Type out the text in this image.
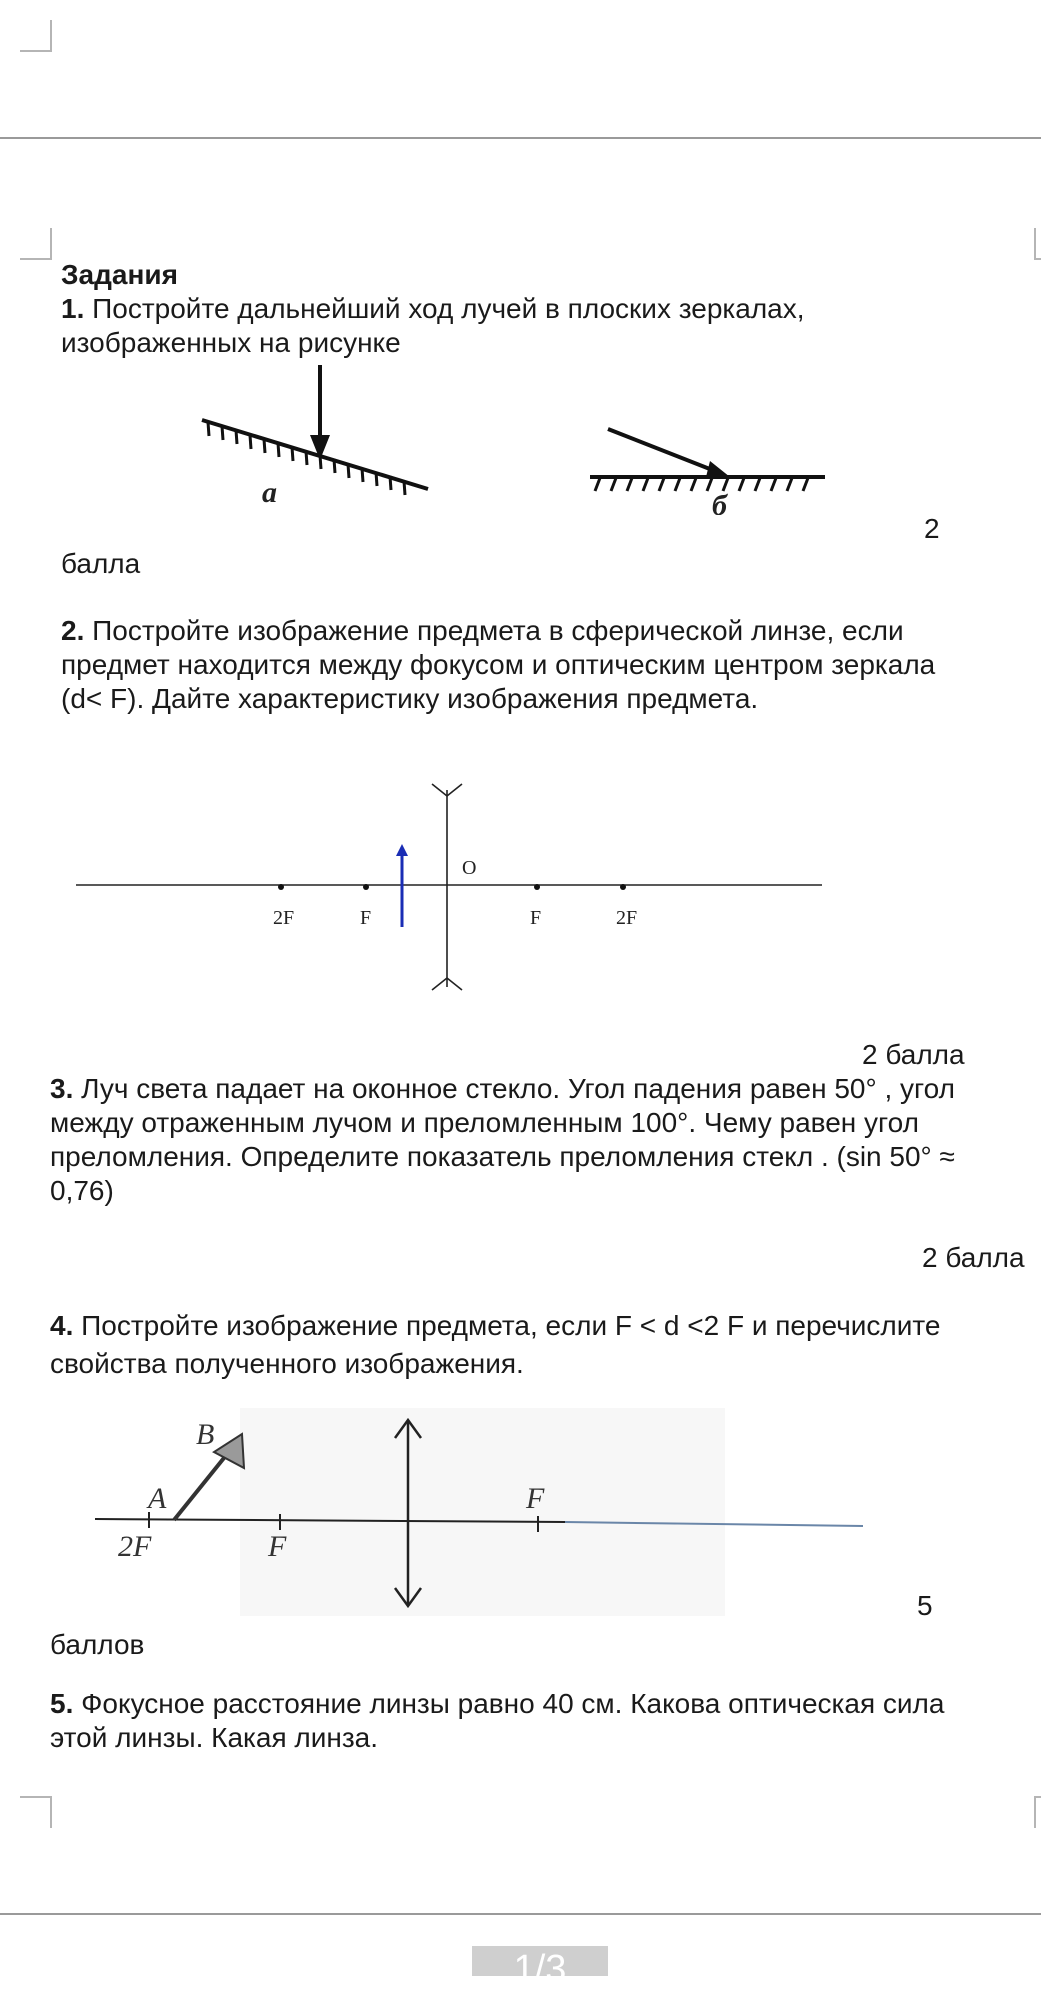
Задания
1. Постройте дальнейший ход лучей в плоских зеркалах,
изображенных на рисунке
а	б
2
балла
2. Постройте изображение предмета в сферической линзе, если
предмет находится между фокусом и оптическим центром зеркала
(d< F). Дайте характеристику изображения предмета.
2F	F
O
F	2F
2 балла
3. Луч света падает на оконное стекло. Угол падения равен 50° , угол
между отраженным лучом и преломленным 100°. Чему равен угол
преломления. Определите показатель преломления стекл . (sin 50° ≈
0,76)
2 балла
4. Постройте изображение предмета, если F < d <2 F и перечислите
свойства полученного изображения.
B
A
2F	F
F
5
баллов
5. Фокусное расстояние линзы равно 40 см. Какова оптическая сила
этой линзы. Какая линза.
1/3
